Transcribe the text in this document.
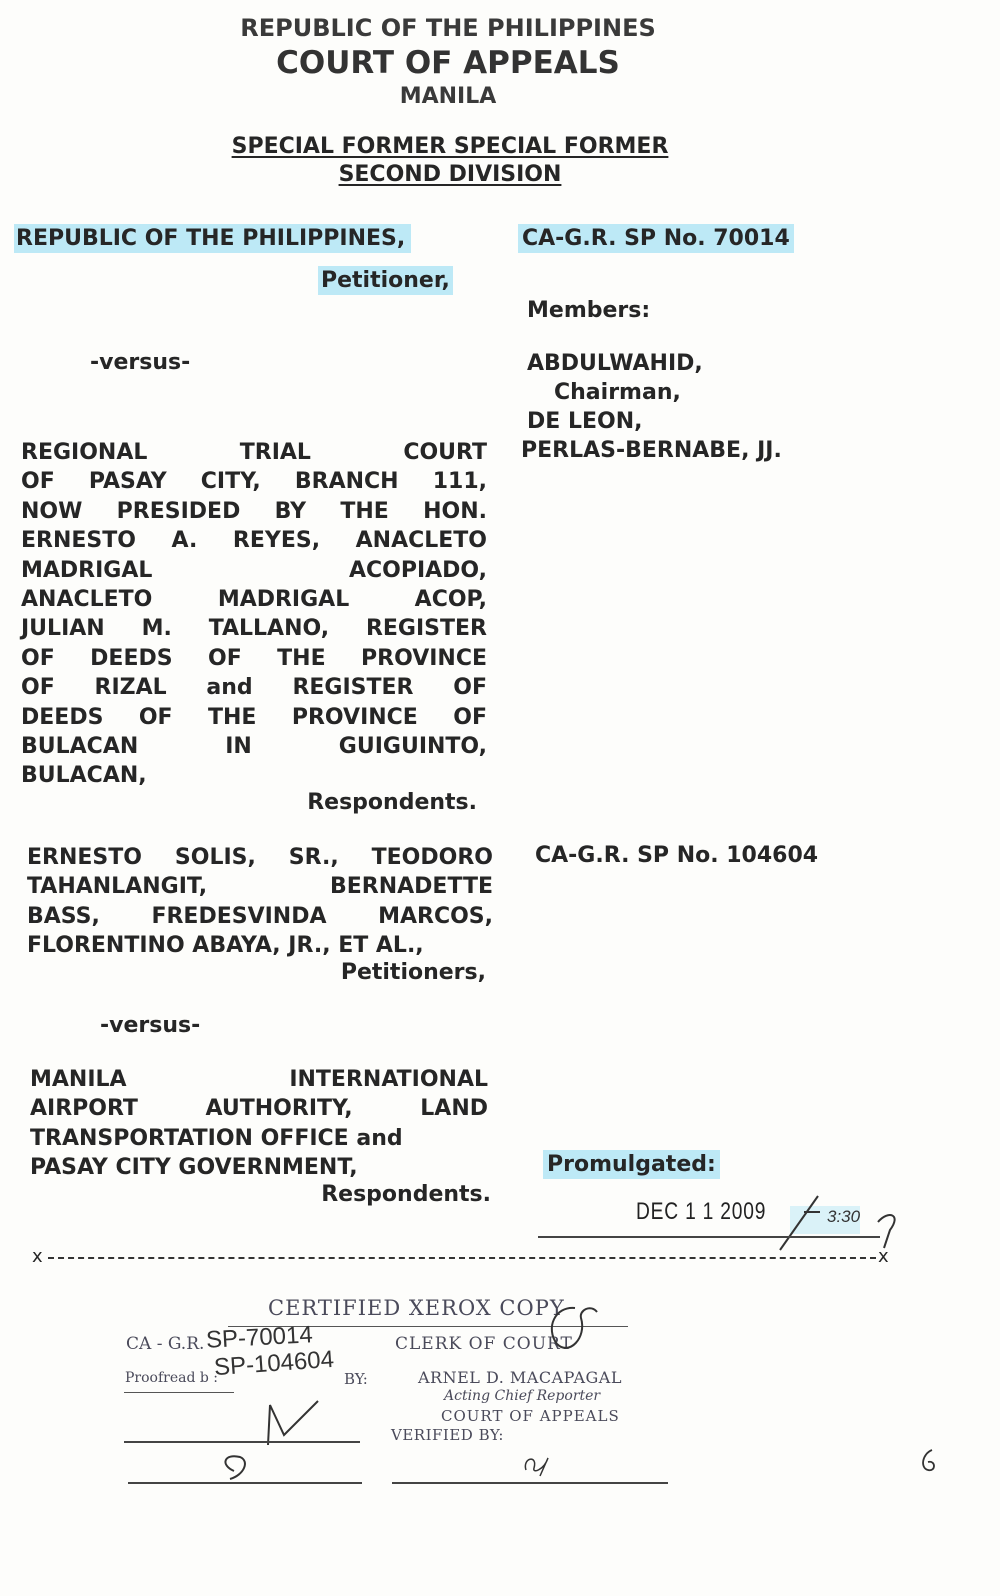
REPUBLIC OF THE PHILIPPINES
COURT OF APPEALS
MANILA
SPECIAL FORMER SPECIAL FORMER
SECOND DIVISION
REPUBLIC OF THE PHILIPPINES,
Petitioner,
CA-G.R. SP No. 70014
Members:
-versus-	ABDULWAHID,
Chairman,
DE LEON,
PERLAS-BERNABE, JJ.
REGIONAL TRIAL COURT
OF PASAY CITY, BRANCH 111,
NOW PRESIDED BY THE HON.
ERNESTO A. REYES, ANACLETO
MADRIGAL ACOPIADO,
ANACLETO MADRIGAL ACOP,
JULIAN M. TALLANO, REGISTER
OF DEEDS OF THE PROVINCE
OF RIZAL and REGISTER OF
DEEDS OF THE PROVINCE OF
BULACAN IN GUIGUINTO,
BULACAN,
Respondents.
CA-G.R. SP No. 104604
ERNESTO SOLIS, SR., TEODORO
TAHANLANGIT, BERNADETTE
BASS, FREDESVINDA MARCOS,
FLORENTINO ABAYA, JR., ET AL.,
Petitioners,
-versus-
MANILA INTERNATIONAL
AIRPORT AUTHORITY, LAND
TRANSPORTATION OFFICE and
PASAY CITY GOVERNMENT,
Respondents.
Promulgated:
DEC 1 1 2009	3:30
x	x
CERTIFIED XEROX COPY
CA - G.R. SP-70014
SP-104604
CLERK OF COURT
Proofread b :	BY:	ARNEL D. MACAPAGAL
Acting Chief Reporter
COURT OF APPEALS
VERIFIED BY:
